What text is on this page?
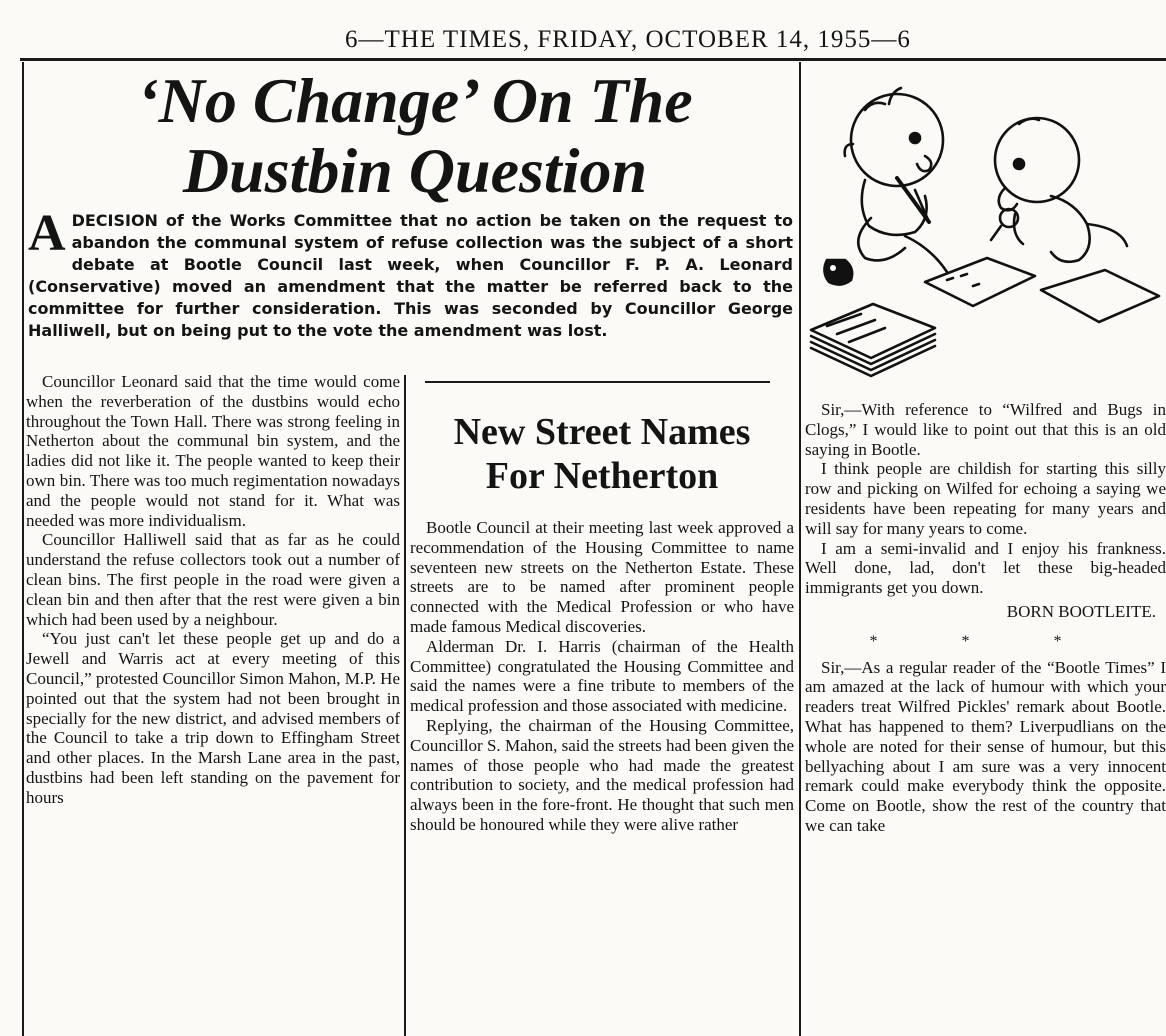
6—THE TIMES, FRIDAY, OCTOBER 14, 1955—6
‘No Change’ On The
Dustbin Question
A DECISION of the Works Committee that no action be taken on the request to abandon the communal system of refuse collection was the subject of a short debate at Bootle Council last week, when Councillor F. P. A. Leonard (Conservative) moved an amendment that the matter be referred back to the committee for further consideration. This was seconded by Councillor George Halliwell, but on being put to the vote the amendment was lost.

Councillor Leonard said that the time would come when the reverberation of the dustbins would echo throughout the Town Hall. There was strong feeling in Netherton about the communal bin system, and the ladies did not like it. The people wanted to keep their own bin. There was too much regimentation nowadays and the people would not stand for it. What was needed was more individualism.

Councillor Halliwell said that as far as he could understand the refuse collectors took out a number of clean bins. The first people in the road were given a clean bin and then after that the rest were given a bin which had been used by a neighbour.

“You just can't let these people get up and do a Jewell and Warris act at every meeting of this Council,” protested Councillor Simon Mahon, M.P. He pointed out that the system had not been brought in specially for the new district, and advised members of the Council to take a trip down to Effingham Street and other places. In the Marsh Lane area in the past, dustbins had been left standing on the pavement for hours

New Street Names
For Netherton

Bootle Council at their meeting last week approved a recommendation of the Housing Committee to name seventeen new streets on the Netherton Estate. These streets are to be named after prominent people connected with the Medical Profession or who have made famous Medical discoveries.

Alderman Dr. I. Harris (chairman of the Health Committee) congratulated the Housing Committee and said the names were a fine tribute to members of the medical profession and those associated with medicine.

Replying, the chairman of the Housing Committee, Councillor S. Mahon, said the streets had been given the names of those people who had made the greatest contribution to society, and the medical profession had always been in the fore-front. He thought that such men should be honoured while they were alive rather

Sir,—With reference to “Wilfred and Bugs in Clogs,” I would like to point out that this is an old saying in Bootle.

I think people are childish for starting this silly row and picking on Wilfed for echoing a saying we residents have been repeating for many years and will say for many years to come.

I am a semi-invalid and I enjoy his frankness. Well done, lad, don't let these big-headed immigrants get you down.

BORN BOOTLEITE.

* * *

Sir,—As a regular reader of the “Bootle Times” I am amazed at the lack of humour with which your readers treat Wilfred Pickles' remark about Bootle. What has happened to them? Liverpudlians on the whole are noted for their sense of humour, but this bellyaching about I am sure was a very innocent remark could make everybody think the opposite. Come on Bootle, show the rest of the country that we can take
